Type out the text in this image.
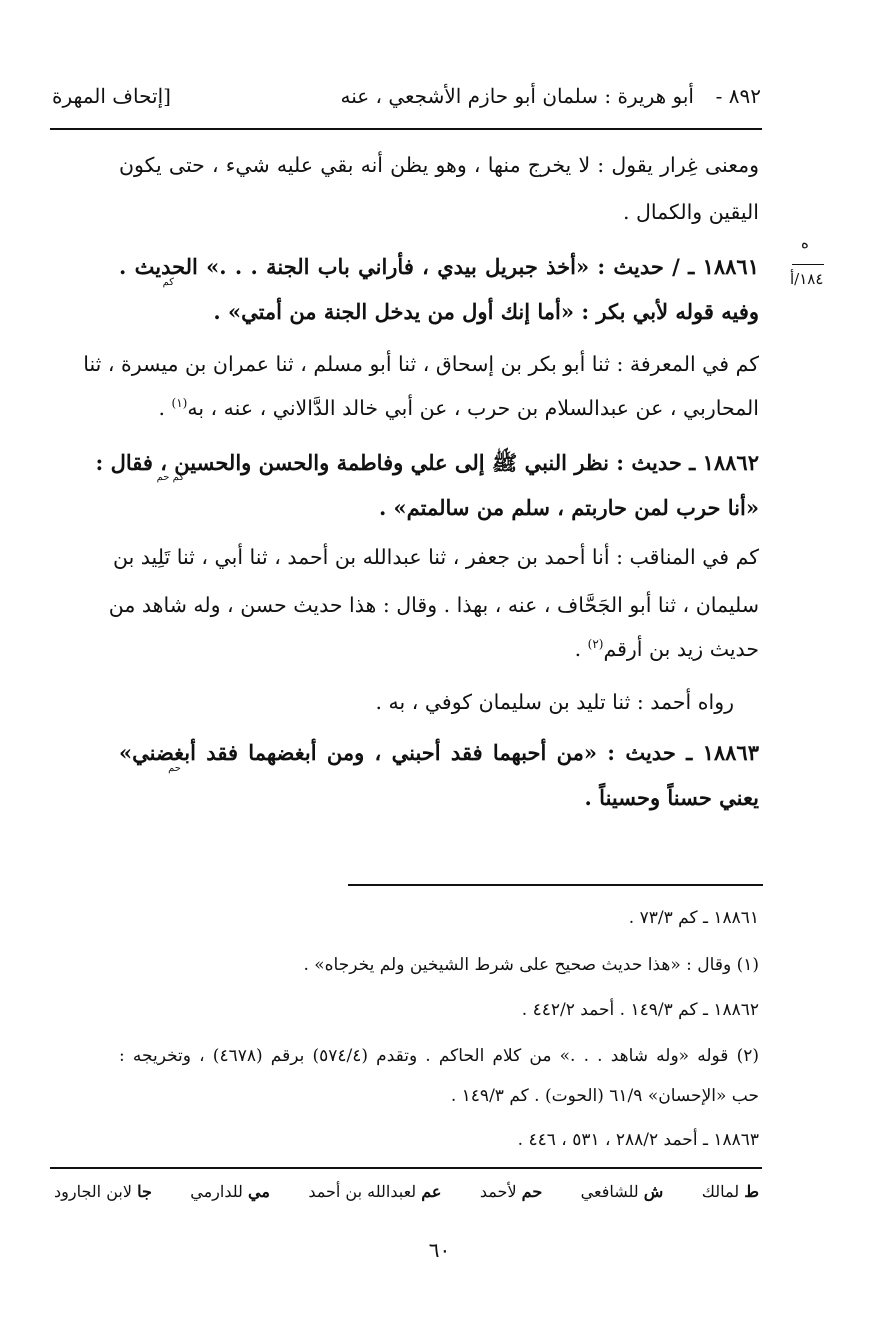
٨٩٢ -
أبو هريرة : سلمان أبو حازم الأشجعي ، عنه
[إتحاف المهرة
ه
١٨٤/أ
ومعنى غِرار يقول : لا يخرج منها ، وهو يظن أنه بقي عليه شيء ، حتى يكون
اليقين والكمال .
١٨٨٦١ ـ / حديث : «أخذ جبريل بيدي ، فأراني باب الجنة . . .» الحديث .
كم
وفيه قوله لأبي بكر : «أما إنك أول من يدخل الجنة من أمتي» .
كم في المعرفة : ثنا أبو بكر بن إسحاق ، ثنا أبو مسلم ، ثنا عمران بن ميسرة ، ثنا
المحاربي ، عن عبدالسلام بن حرب ، عن أبي خالد الدَّالاني ، عنه ، به$^{(١)}$ .
١٨٨٦٢ ـ حديث : نظر النبي ﷺ إلى علي وفاطمة والحسن والحسين ، فقال :
كم حم
«أنا حرب لمن حاربتم ، سلم من سالمتم» .
كم في المناقب : أنا أحمد بن جعفر ، ثنا عبدالله بن أحمد ، ثنا أبي ، ثنا تَلِيد بن
سليمان ، ثنا أبو الجَحَّاف ، عنه ، بهذا . وقال : هذا حديث حسن ، وله شاهد من
حديث زيد بن أرقم$^{(٢)}$ .
رواه أحمد : ثنا تليد بن سليمان كوفي ، به .
١٨٨٦٣ ـ حديث : «من أحبهما فقد أحبني ، ومن أبغضهما فقد أبغضني»
حم
يعني حسناً وحسيناً .
١٨٨٦١ ـ كم ٧٣/٣ .
(١) وقال : «هذا حديث صحيح على شرط الشيخين ولم يخرجاه» .
١٨٨٦٢ ـ كم ١٤٩/٣ . أحمد ٤٤٢/٢ .
(٢) قوله «وله شاهد . . .» من كلام الحاكم . وتقدم (٥٧٤/٤) برقم (٤٦٧٨) ، وتخريجه :
حب «الإحسان» ٦١/٩ (الحوت) . كم ١٤٩/٣ .
١٨٨٦٣ ـ أحمد ٢٨٨/٢ ، ٥٣١ ، ٤٤٦ .
ط لمالك
ش للشافعي
حم لأحمد
عم لعبدالله بن أحمد
مي للدارمي
جا لابن الجارود
٦٠
